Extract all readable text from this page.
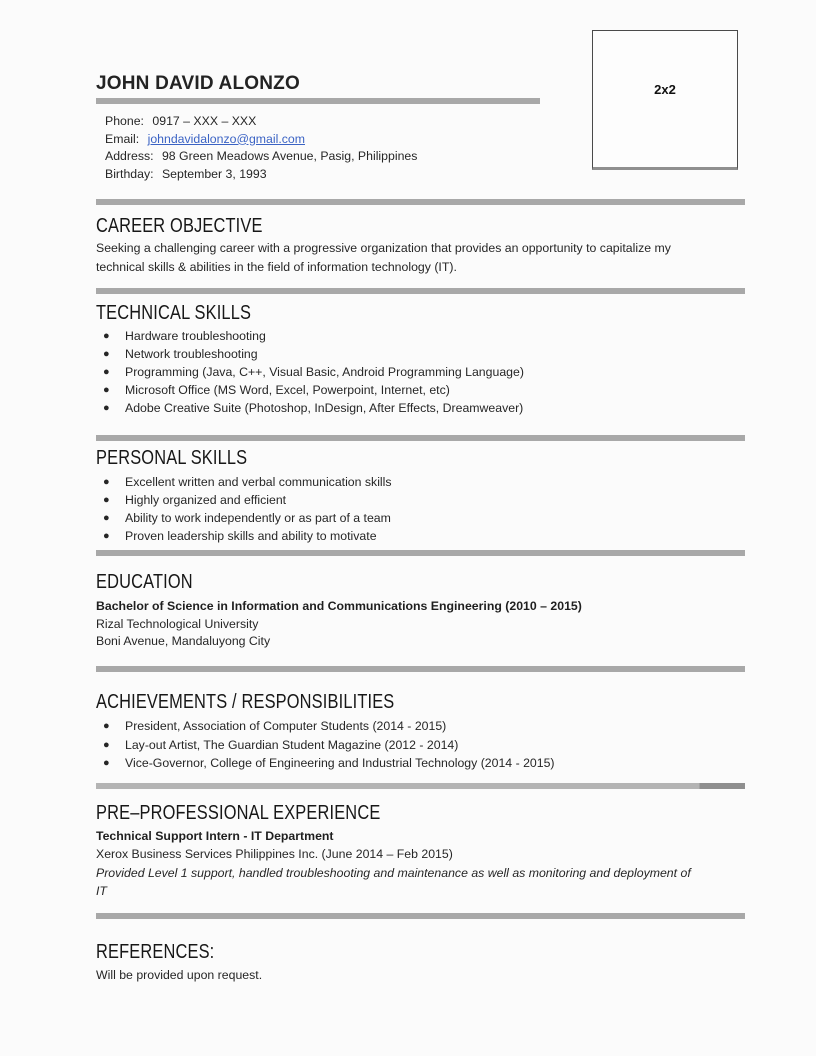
2x2
JOHN DAVID ALONZO
Phone: 0917 – XXX – XXX
Email: johndavidalonzo@gmail.com
Address: 98 Green Meadows Avenue, Pasig, Philippines
Birthday: September 3, 1993
CAREER OBJECTIVE
Seeking a challenging career with a progressive organization that provides an opportunity to capitalize my technical skills & abilities in the field of information technology (IT).
TECHNICAL SKILLS
●	Hardware troubleshooting
●	Network troubleshooting
●	Programming (Java, C++, Visual Basic, Android Programming Language)
●	Microsoft Office (MS Word, Excel, Powerpoint, Internet, etc)
●	Adobe Creative Suite (Photoshop, InDesign, After Effects, Dreamweaver)
PERSONAL SKILLS
●	Excellent written and verbal communication skills
●	Highly organized and efficient
●	Ability to work independently or as part of a team
●	Proven leadership skills and ability to motivate
EDUCATION
Bachelor of Science in Information and Communications Engineering (2010 – 2015)
Rizal Technological University
Boni Avenue, Mandaluyong City
ACHIEVEMENTS / RESPONSIBILITIES
●	President, Association of Computer Students (2014 - 2015)
●	Lay-out Artist, The Guardian Student Magazine (2012 - 2014)
●	Vice-Governor, College of Engineering and Industrial Technology (2014 - 2015)
PRE–PROFESSIONAL EXPERIENCE
Technical Support Intern - IT Department
Xerox Business Services Philippines Inc. (June 2014 – Feb 2015)
Provided Level 1 support, handled troubleshooting and maintenance as well as monitoring and deployment of IT
REFERENCES:
Will be provided upon request.
